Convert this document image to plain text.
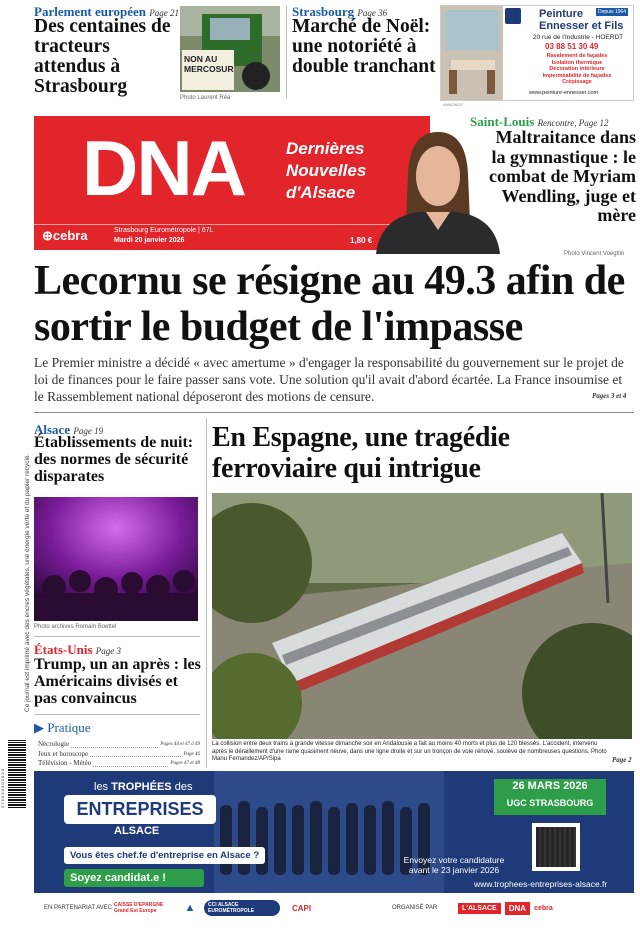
Parlement européen Page 21
Des centaines de tracteurs attendus à Strasbourg
NON AU MERCOSUR
Photo Laurent Réa
Strasbourg Page 36
Marché de Noël: une notoriété à double tranchant
Peinture Ennesser et Fils
Depuis 1964
20 rue de l'Industrie - HOERDT
03 88 51 30 49
Ravalement de façades
Isolation thermique
Décoration intérieure
Imperméabilité de façades
Crépissage
www.peinture-ennesser.com
ANNONCE
DNA Dernières
Nouvelles
d'Alsace
⊕cebra	Strasbourg Eurométropole | 67L
Mardi 20 janvier 2026	1,80 €
Saint-Louis Rencontre, Page 12
Maltraitance dans la gymnastique : le combat de Myriam Wendling, juge et mère
Photo Vincent Voegtlin
Lecornu se résigne au 49.3 afin de sortir le budget de l'impasse
Le Premier ministre a décidé « avec amertume » d'engager la responsabilité du gouvernement sur le projet de loi de finances pour le faire passer sans vote. Une solution qu'il avait d'abord écartée. La France insoumise et le Rassemblement national déposeront des motions de censure.	Pages 3 et 4
Alsace Page 19
Établissements de nuit: des normes de sécurité disparates
Photo archives Romain Boettel
États-Unis Page 3
Trump, un an après : les Américains divisés et pas convaincus
▶ Pratique
Nécrologie	Pages 44 et 47 à 49
Jeux et horoscope	Page 46
Télévision - Météo	Pages 47 et 48
En Espagne, une tragédie ferroviaire qui intrigue
La collision entre deux trains à grande vitesse dimanche soir en Andalousie a fait au moins 40 morts et plus de 120 blessés. L'accident, intervenu après le déraillement d'une rame quasiment neuve, dans une ligne droite et sur un tronçon de voie rénové, soulève de nombreuses questions. Photo Manu Fernandez/AP/Sipa	Page 2
Ce journal est imprimé avec des encres végétales, une énergie verte et du papier recyclé.
3 7 6 6 5 9 4 0 2 0 0 0	les TROPHÉES des
ENTREPRISES
ALSACE
Vous êtes chef.fe d'entreprise en Alsace ?
Soyez candidat.e !
26 MARS 2026
UGC STRASBOURG
Envoyez votre candidature
avant le 23 janvier 2026
www.trophees-entreprises-alsace.fr
EN PARTENARIAT AVEC CAISSE D'EPARGNE Grand Est Europe	▲	CCI ALSACE EUROMÉTROPOLE	CAPI	ORGANISÉ PAR	L'ALSACE	DNA	cebra
